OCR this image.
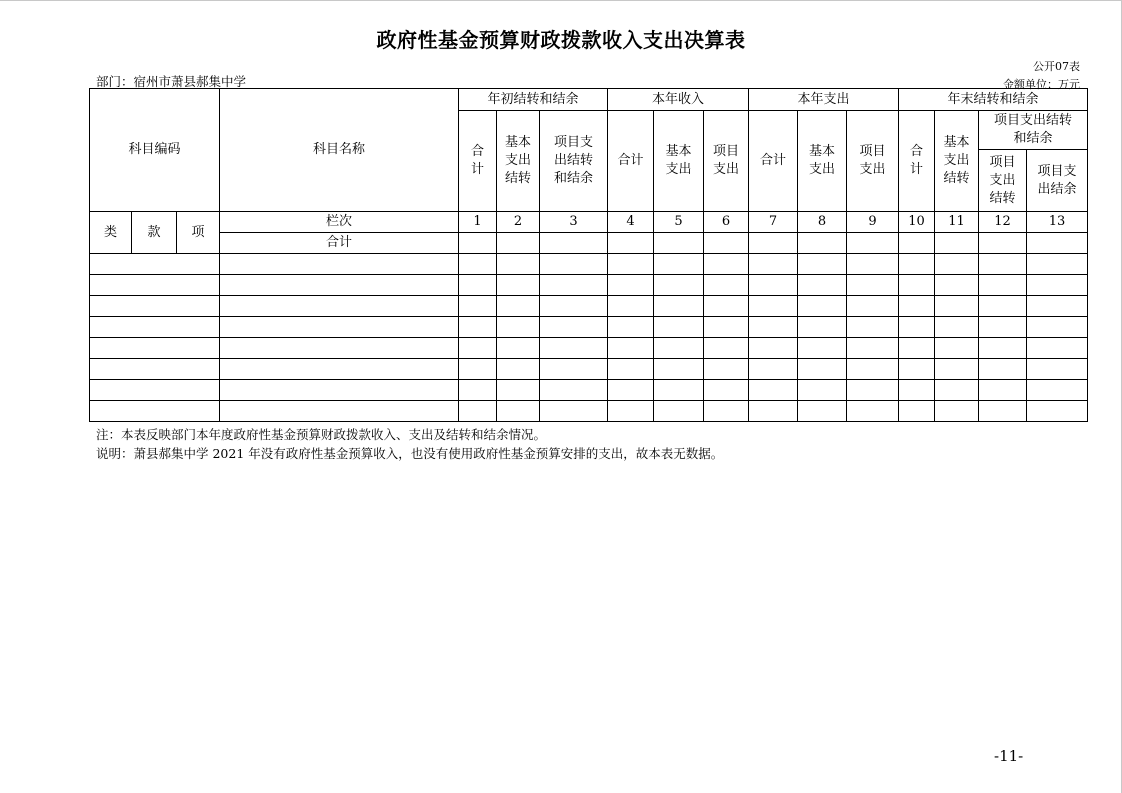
政府性基金预算财政拨款收入支出决算表
公开07表
部门：宿州市萧县郝集中学	金额单位：万元
科目编码			科目名称	年初结转和结余			本年收入			本年支出			年末结转和结余			

				合计	基本支出结转	项目支出结转和结余	合计	基本支出	项目支出	合计	基本支出	项目支出	合计	基本支出结转	项目支出结转和结余	

															项目支出结转	项目支出结余

类	款	项	栏次	1	2	3	4	5	6	7	8	9	10	11	12	13
			合计													

注：本表反映部门本年度政府性基金预算财政拨款收入、支出及结转和结余情况。
说明：萧县郝集中学 2021 年没有政府性基金预算收入，也没有使用政府性基金预算安排的支出，故本表无数据。
-11-
